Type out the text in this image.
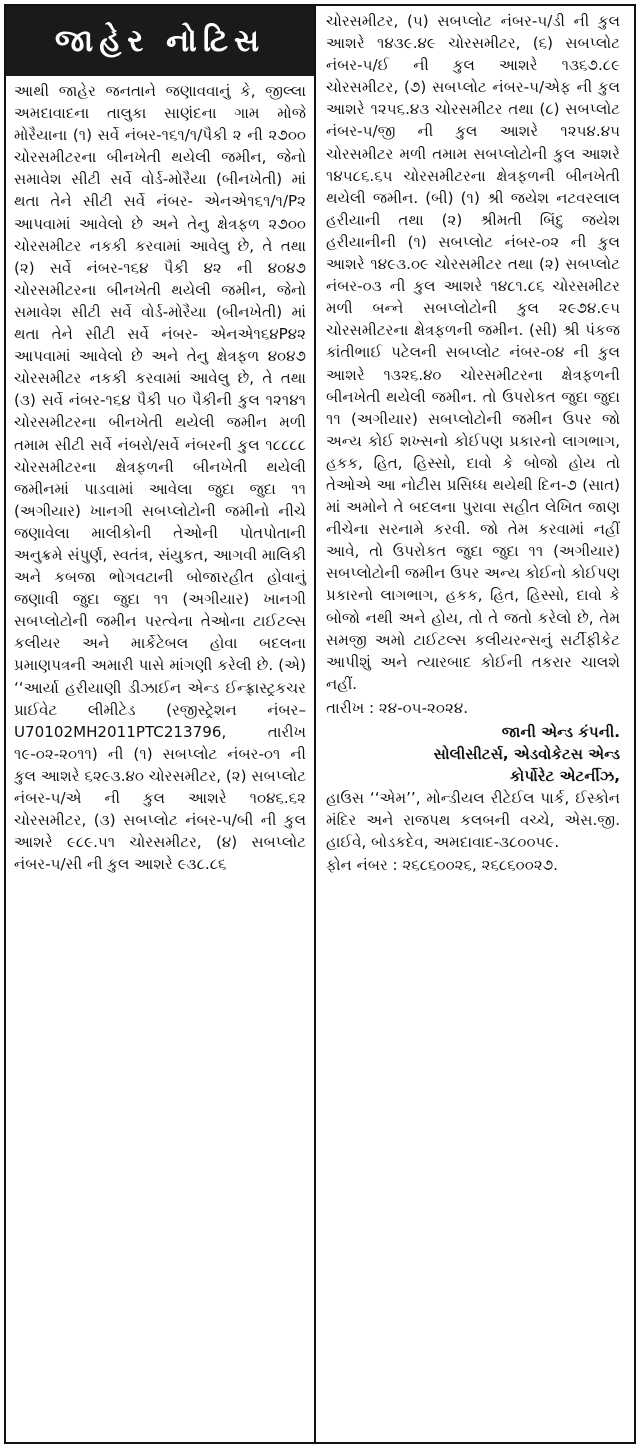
જાહેર નોટિસ

આથી જાહેર જનતાને જણાવવાનું કે, જીલ્લા અમદાવાદના તાલુકા સાણંદના ગામ મોજે મોરૈયાના (૧) સર્વે નંબર-૧૬૧/૧/પૈકી ૨ ની ૨૭૦૦ ચોરસમીટરના બીનખેતી થયેલી જમીન, જેનો સમાવેશ સીટી સર્વે વોર્ડ-મોરૈયા (બીનખેતી) માં થતા તેને સીટી સર્વે નંબર- એનએ૧૬૧/૧/P૨ આપવામાં આવેલો છે અને તેનુ ક્ષેત્રફળ ૨૭૦૦ ચોરસમીટર નકકી કરવામાં આવેલુ છે, તે તથા (૨) સર્વે નંબર-૧૬૪ પૈકી ૪૨ ની ૪૦૪૭ ચોરસમીટરના બીનખેતી થયેલી જમીન, જેનો સમાવેશ સીટી સર્વે વોર્ડ-મોરૈયા (બીનખેતી) માં થતા તેને સીટી સર્વે નંબર- એનએ૧૬૪P૪૨ આપવામાં આવેલો છે અને તેનુ ક્ષેત્રફળ ૪૦૪૭ ચોરસમીટર નકકી કરવામાં આવેલુ છે, તે તથા (૩) સર્વે નંબર-૧૬૪ પૈકી ૫૦ પૈકીની કુલ ૧૨૧૪૧ ચોરસમીટરના બીનખેતી થયેલી જમીન મળી તમામ સીટી સર્વે નંબરો/સર્વે નંબરની કુલ ૧૮૮૮૮ ચોરસમીટરના ક્ષેત્રફળની બીનખેતી થયેલી જમીનમાં પાડવામાં આવેલા જુદા જુદા ૧૧ (અગીયાર) ખાનગી સબપ્લોટોની જમીનો નીચે જણાવેલા માલીકોની તેઓની પોતપોતાની અનુક્રમે સંપુર્ણ, સ્વતંત્ર, સંયુકત, આગવી માલિકી અને કબજા ભોગવટાની બોજારહીત હોવાનું જણાવી જુદા જુદા ૧૧ (અગીયાર) ખાનગી સબપ્લોટોની જમીન પરત્વેના તેઓના ટાઈટલ્સ કલીયર અને માર્કેટેબલ હોવા બદલના પ્રમાણપત્રની અમારી પાસે માંગણી કરેલી છે. (એ) ‘‘આર્યા હરીયાણી ડીઝાઈન એન્ડ ઈન્ફ્રાસ્ટ્રકચર પ્રાઈવેટ લીમીટેડ (રજીસ્ટ્રેશન નંબર– U70102MH2011PTC213796, તારીખ ૧૯-૦૨-૨૦૧૧) ની (૧) સબપ્લોટ નંબર-૦૧ ની કુલ આશરે ૬૨૯૩.૪૦ ચોરસમીટર, (૨) સબપ્લોટ નંબર-૫/એ ની કુલ આશરે ૧૦૪૬.૬૨ ચોરસમીટર, (૩) સબપ્લોટ નંબર-૫/બી ની કુલ આશરે ૯૮૯.૫૧ ચોરસમીટર, (૪) સબપ્લોટ નંબર-૫/સી ની કુલ આશરે ૯૩૮.૮૬

ચોરસમીટર, (૫) સબપ્લોટ નંબર-૫/ડી ની કુલ આશરે ૧૪૩૯.૪૯ ચોરસમીટર, (૬) સબપ્લોટ નંબર-૫/ઈ ની કુલ આશરે ૧૩૬૭.૮૯ ચોરસમીટર, (૭) સબપ્લોટ નંબર-૫/એફ ની કુલ આશરે ૧૨૫૬.૪૩ ચોરસમીટર તથા (૮) સબપ્લોટ નંબર-૫/જી ની કુલ આશરે ૧૨૫૪.૪૫ ચોરસમીટર મળી તમામ સબપ્લોટોની કુલ આશરે ૧૪૫૮૬.૬૫ ચોરસમીટરના ક્ષેત્રફળની બીનખેતી થયેલી જમીન. (બી) (૧) શ્રી જયેશ નટવરલાલ હરીયાની તથા (૨) શ્રીમતી બિંદુ જયેશ હરીયાનીની (૧) સબપ્લોટ નંબર-૦૨ ની કુલ આશરે ૧૪૯૩.૦૯ ચોરસમીટર તથા (૨) સબપ્લોટ નંબર-૦૩ ની કુલ આશરે ૧૪૮૧.૮૬ ચોરસમીટર મળી બન્ને સબપ્લોટોની કુલ ૨૯૭૪.૯૫ ચોરસમીટરના ક્ષેત્રફળની જમીન. (સી) શ્રી પંકજ કાંતીભાઈ પટેલની સબપ્લોટ નંબર-૦૪ ની કુલ આશરે ૧૩૨૬.૪૦ ચોરસમીટરના ક્ષેત્રફળની બીનખેતી થયેલી જમીન. તો ઉપરોકત જુદા જુદા ૧૧ (અગીયાર) સબપ્લોટોની જમીન ઉપર જો અન્ય કોઈ શખ્સનો કોઈપણ પ્રકારનો લાગભાગ, હકક, હિત, હિસ્સો, દાવો કે બોજો હોય તો તેઓએ આ નોટીસ પ્રસિધ્ધ થયેથી દિન-૭ (સાત) માં અમોને તે બદલના પુરાવા સહીત લેખિત જાણ નીચેના સરનામે કરવી. જો તેમ કરવામાં નહીં આવે, તો ઉપરોકત જુદા જુદા ૧૧ (અગીયાર) સબપ્લોટોની જમીન ઉપર અન્ય કોઈનો કોઈપણ પ્રકારનો લાગભાગ, હકક, હિત, હિસ્સો, દાવો કે બોજો નથી અને હોય, તો તે જતો કરેલો છે, તેમ સમજી અમો ટાઈટલ્સ કલીયરન્સનું સર્ટીફીકેટ આપીશું અને ત્યારબાદ કોઈની તકરાર ચાલશે નહીં.

તારીખ : ૨૪-૦૫-૨૦૨૪.
જાની એન્ડ કંપની.
સોલીસીટર્સ, એડવોકેટસ એન્ડ
કોર્પોરેટ એટર્નીઝ,
હાઉસ ‘‘એમ’’, મોન્ડીયલ રીટેઈલ પાર્ક, ઈસ્કોન મંદિર અને રાજપથ કલબની વચ્ચે, એસ.જી. હાઈવે, બોડકદેવ, અમદાવાદ-૩૮૦૦૫૯.
ફોન નંબર : ૨૬૮૬૦૦૨૬, ૨૬૮૬૦૦૨૭.
